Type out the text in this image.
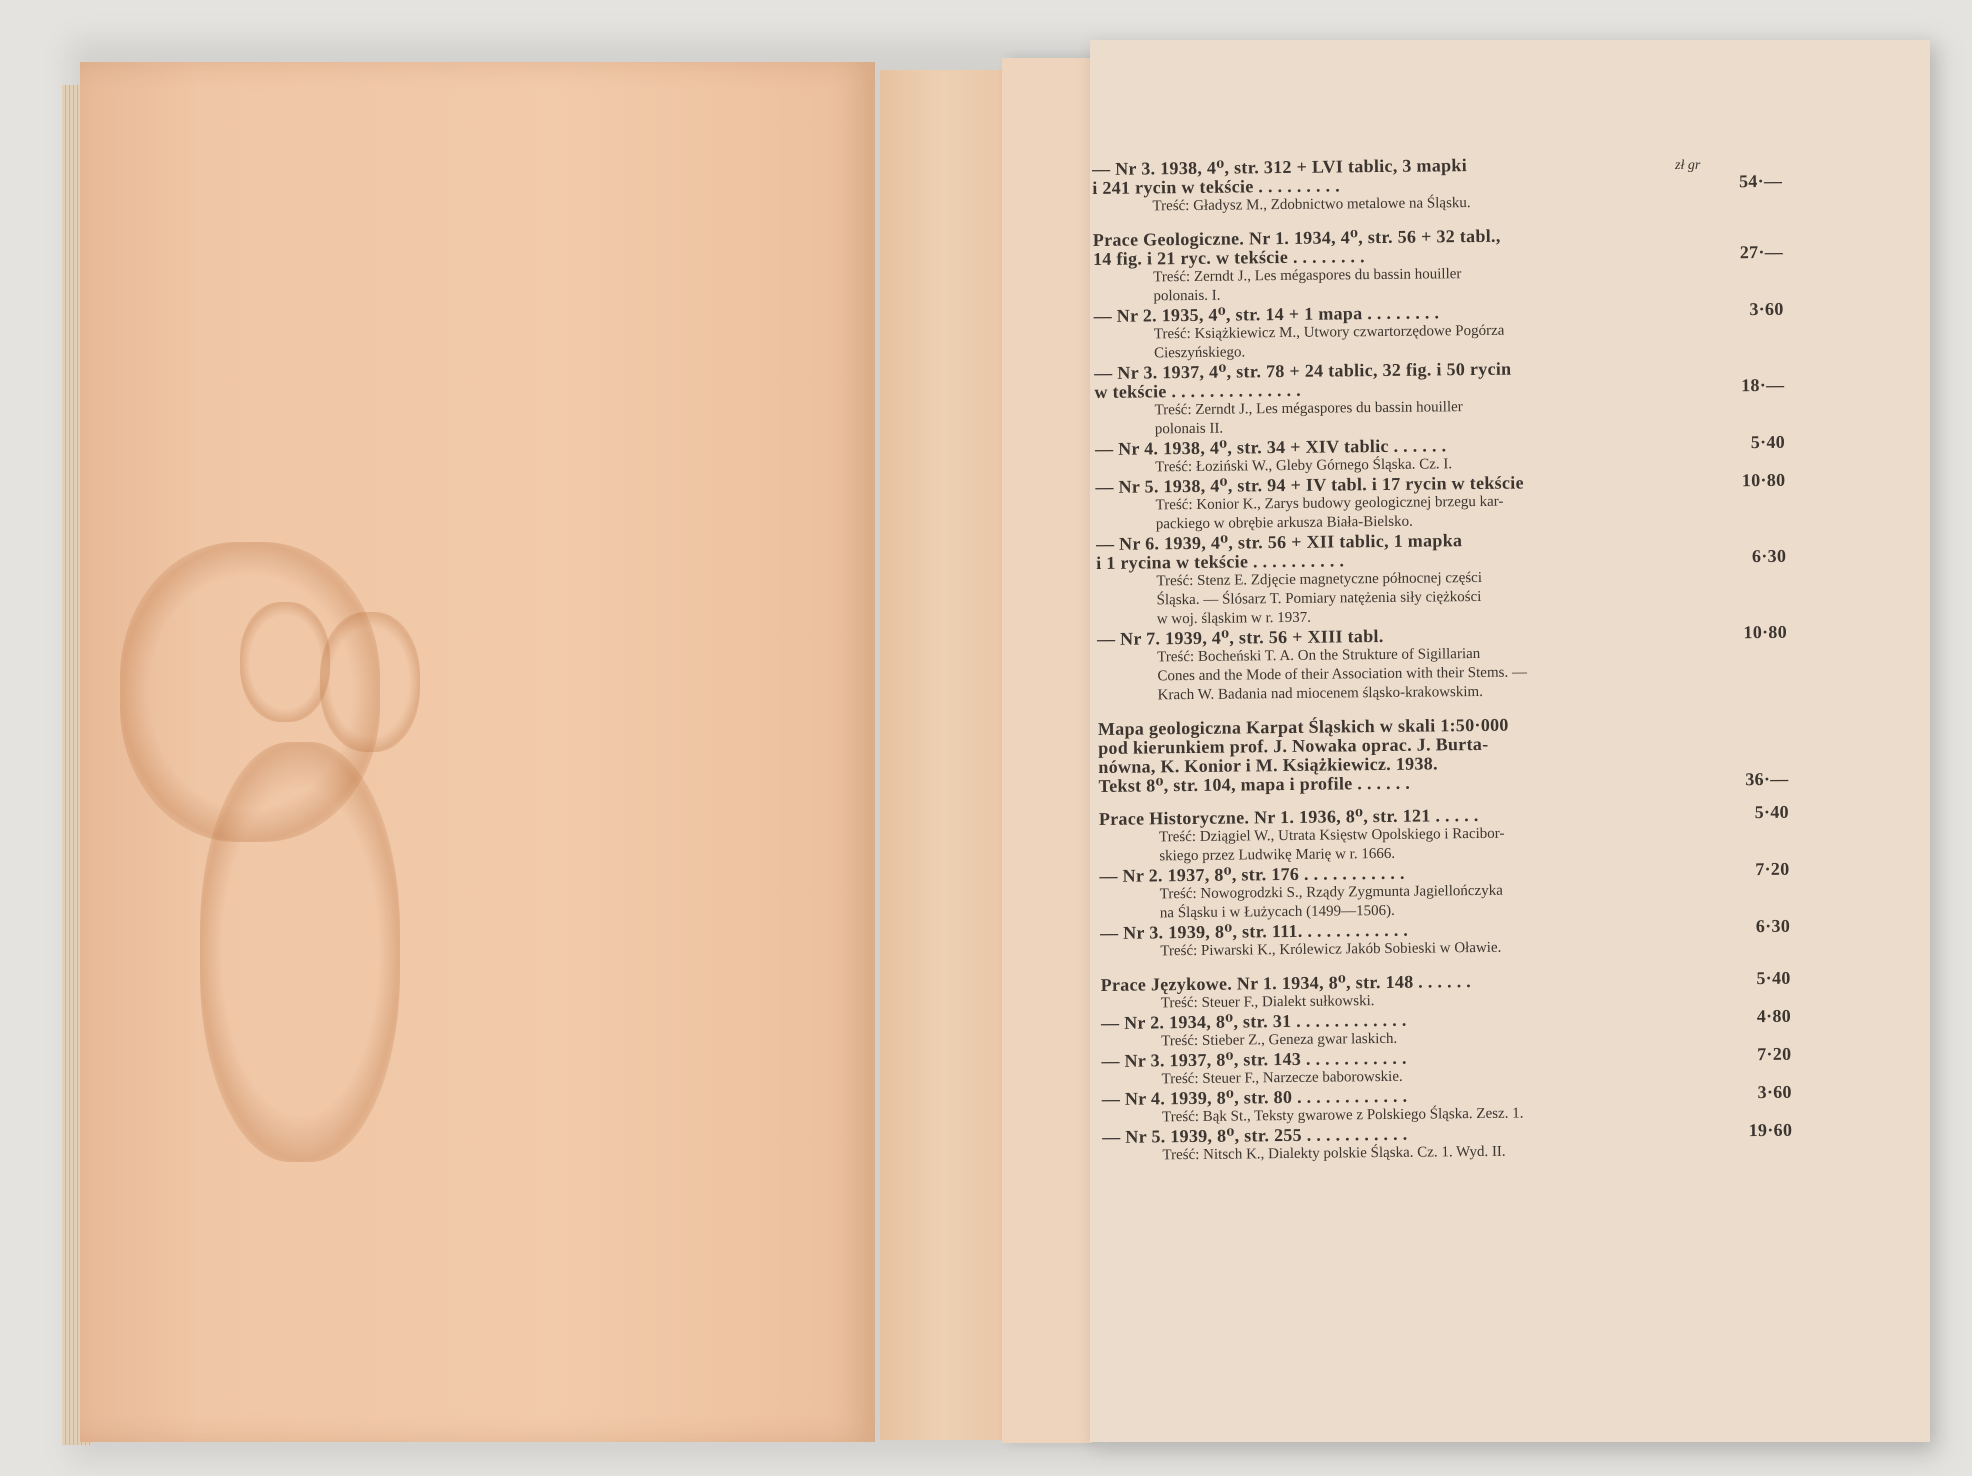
zł gr
— Nr 3. 1938, 4⁰, str. 312 + LVI tablic, 3 mapki
i 241 rycin w tekście . . . . . . . . .	54·—
Treść: Gładysz M., Zdobnictwo metalowe na Śląsku.
Prace Geologiczne. Nr 1. 1934, 4⁰, str. 56 + 32 tabl.,
14 fig. i 21 ryc. w tekście . . . . . . . .	27·—
Treść: Zerndt J., Les mégaspores du bassin houiller
polonais. I.
— Nr 2. 1935, 4⁰, str. 14 + 1 mapa . . . . . . . .	3·60
Treść: Książkiewicz M., Utwory czwartorzędowe Pogórza
Cieszyńskiego.
— Nr 3. 1937, 4⁰, str. 78 + 24 tablic, 32 fig. i 50 rycin
w tekście . . . . . . . . . . . . . .	18·—
Treść: Zerndt J., Les mégaspores du bassin houiller
polonais II.
— Nr 4. 1938, 4⁰, str. 34 + XIV tablic . . . . . .	5·40
Treść: Łoziński W., Gleby Górnego Śląska. Cz. I.
— Nr 5. 1938, 4⁰, str. 94 + IV tabl. i 17 rycin w tekście	10·80
Treść: Konior K., Zarys budowy geologicznej brzegu kar-
packiego w obrębie arkusza Biała-Bielsko.
— Nr 6. 1939, 4⁰, str. 56 + XII tablic, 1 mapka
i 1 rycina w tekście . . . . . . . . . .	6·30
Treść: Stenz E. Zdjęcie magnetyczne północnej części
Śląska. — Ślósarz T. Pomiary natężenia siły ciężkości
w woj. śląskim w r. 1937.
— Nr 7. 1939, 4⁰, str. 56 + XIII tabl.	10·80
Treść: Bocheński T. A. On the Strukture of Sigillarian
Cones and the Mode of their Association with their Stems. —
Krach W. Badania nad miocenem śląsko-krakowskim.
Mapa geologiczna Karpat Śląskich w skali 1:50·000
pod kierunkiem prof. J. Nowaka oprac. J. Burta-
nówna, K. Konior i M. Książkiewicz. 1938.
Tekst 8⁰, str. 104, mapa i profile . . . . . .	36·—
Prace Historyczne. Nr 1. 1936, 8⁰, str. 121 . . . . .	5·40
Treść: Dziągiel W., Utrata Księstw Opolskiego i Racibor-
skiego przez Ludwikę Marię w r. 1666.
— Nr 2. 1937, 8⁰, str. 176 . . . . . . . . . . .	7·20
Treść: Nowogrodzki S., Rządy Zygmunta Jagiellończyka
na Śląsku i w Łużycach (1499—1506).
— Nr 3. 1939, 8⁰, str. 111. . . . . . . . . . . .	6·30
Treść: Piwarski K., Królewicz Jakób Sobieski w Oławie.
Prace Językowe. Nr 1. 1934, 8⁰, str. 148 . . . . . .	5·40
Treść: Steuer F., Dialekt sułkowski.
— Nr 2. 1934, 8⁰, str. 31 . . . . . . . . . . . .	4·80
Treść: Stieber Z., Geneza gwar laskich.
— Nr 3. 1937, 8⁰, str. 143 . . . . . . . . . . .	7·20
Treść: Steuer F., Narzecze baborowskie.
— Nr 4. 1939, 8⁰, str. 80 . . . . . . . . . . . .	3·60
Treść: Bąk St., Teksty gwarowe z Polskiego Śląska. Zesz. 1.
— Nr 5. 1939, 8⁰, str. 255 . . . . . . . . . . .	19·60
Treść: Nitsch K., Dialekty polskie Śląska. Cz. 1. Wyd. II.
